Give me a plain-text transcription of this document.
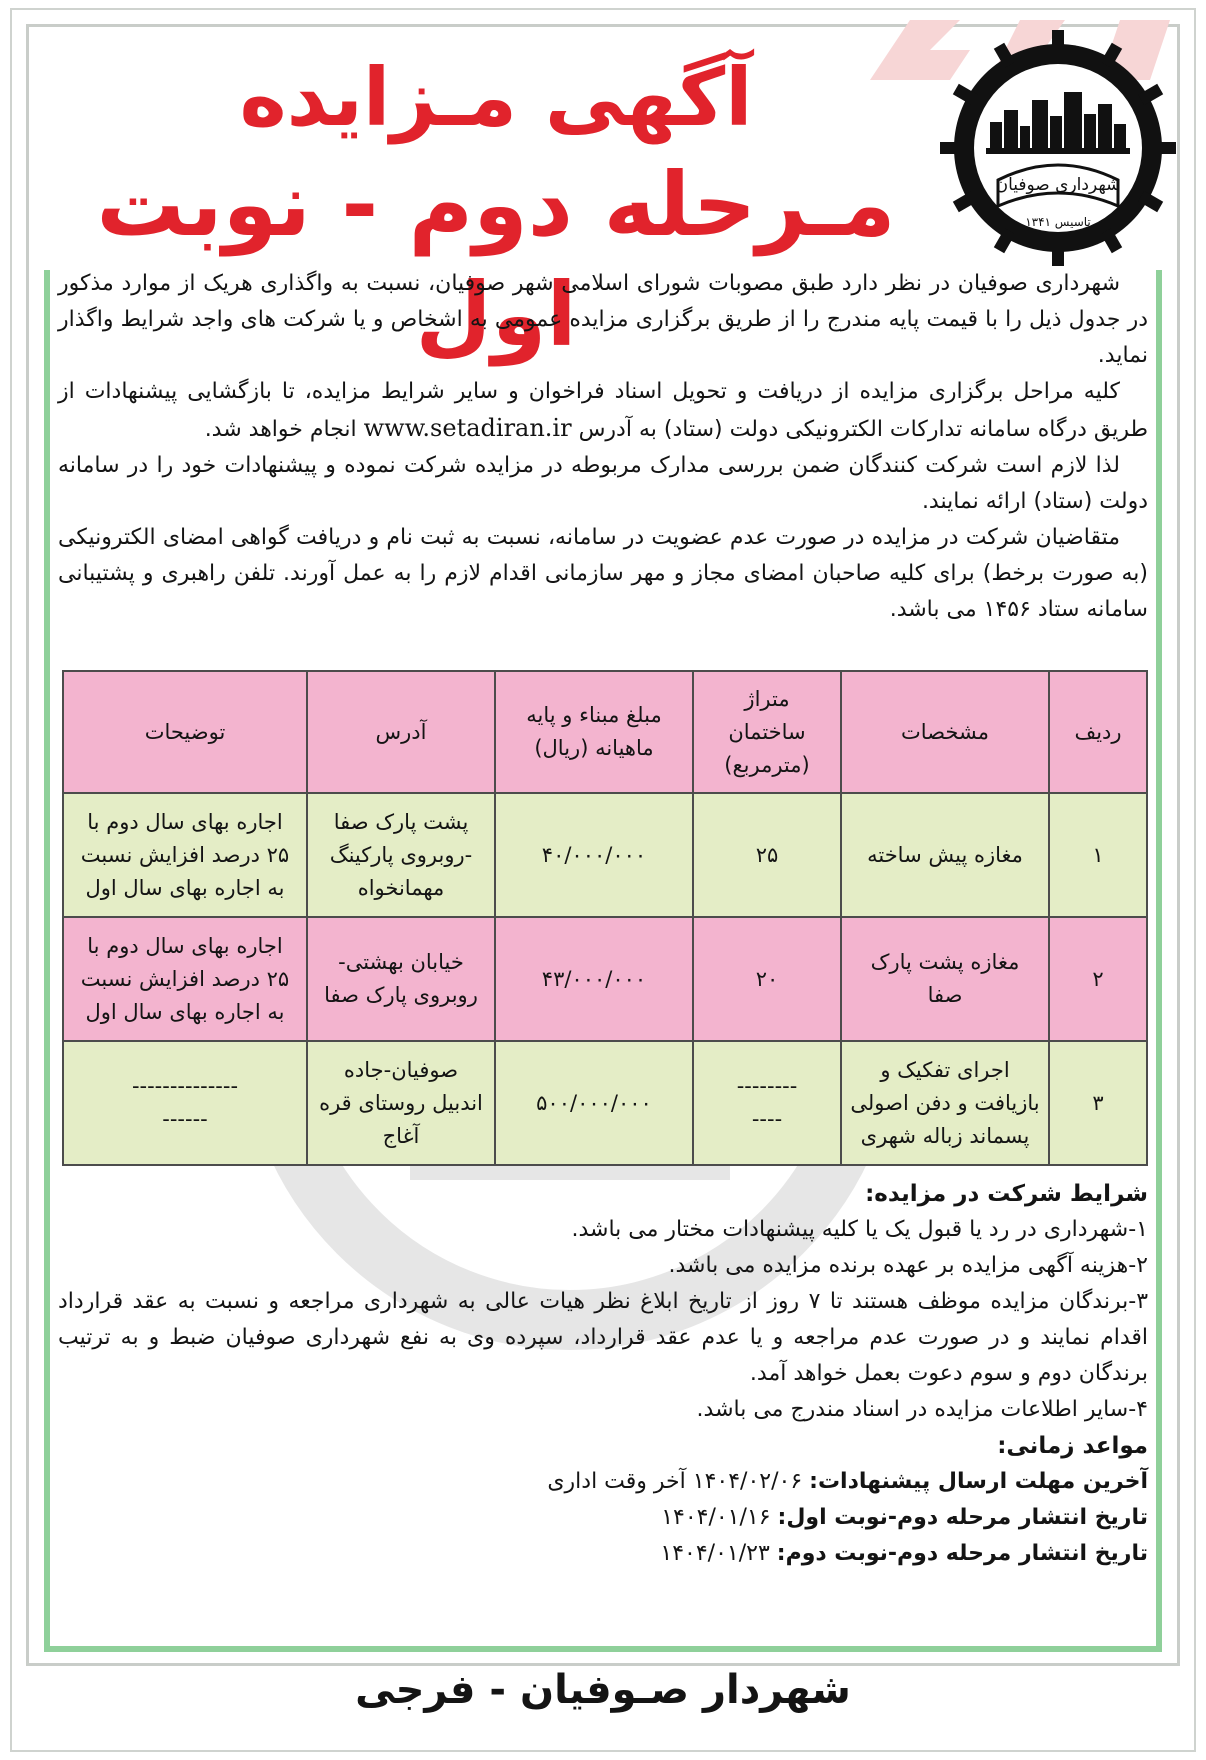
شهرداری صوفیان
تاسیس ۱۳۴۱
آگهی مـزایده
مـرحله دوم - نوبت اول

شهرداری صوفیان در نظر دارد طبق مصوبات شورای اسلامی شهر صوفیان، نسبت به واگذاری هریک از موارد مذکور در جدول ذیل را با قیمت پایه مندرج را از طریق برگزاری مزایده عمومی به اشخاص و یا شرکت های واجد شرایط واگذار نماید.

کلیه مراحل برگزاری مزایده از دریافت و تحویل اسناد فراخوان و سایر شرایط مزایده، تا بازگشایی پیشنهادات از طریق درگاه سامانه تدارکات الکترونیکی دولت (ستاد) به آدرس www.setadiran.ir انجام خواهد شد.

لذا لازم است شرکت کنندگان ضمن بررسی مدارک مربوطه در مزایده شرکت نموده و پیشنهادات خود را در سامانه دولت (ستاد) ارائه نمایند.

متقاضیان شرکت در مزایده در صورت عدم عضویت در سامانه، نسبت به ثبت نام و دریافت گواهی امضای الکترونیکی (به صورت برخط) برای کلیه صاحبان امضای مجاز و مهر سازمانی اقدام لازم را به عمل آورند. تلفن راهبری و پشتیبانی سامانه ستاد ۱۴۵۶ می باشد.

ردیف	مشخصات	متراژ
ساختمان
(مترمربع)	مبلغ مبناء و پایه
ماهیانه (ریال)	آدرس	توضیحات
۱	مغازه پیش ساخته	۲۵	۴۰/۰۰۰/۰۰۰	پشت پارک صفا
-روبروی پارکینگ
مهمانخواه	اجاره بهای سال دوم با
۲۵ درصد افزایش نسبت
به اجاره بهای سال اول
۲	مغازه پشت پارک صفا	۲۰	۴۳/۰۰۰/۰۰۰	خیابان بهشتی-
روبروی پارک صفا	اجاره بهای سال دوم با
۲۵ درصد افزایش نسبت
به اجاره بهای سال اول
۳	اجرای تفکیک و
بازیافت و دفن اصولی
پسماند زباله شهری	--------
----	۵۰۰/۰۰۰/۰۰۰	صوفیان-جاده
اندبیل روستای قره
آغاج	--------------
------

شرایط شرکت در مزایده:

۱-شهرداری در رد یا قبول یک یا کلیه پیشنهادات مختار می باشد.

۲-هزینه آگهی مزایده بر عهده برنده مزایده می باشد.

۳-برندگان مزایده موظف هستند تا ۷ روز از تاریخ ابلاغ نظر هیات عالی به شهرداری مراجعه و نسبت به عقد قرارداد اقدام نمایند و در صورت عدم مراجعه و یا عدم عقد قرارداد، سپرده وی به نفع شهرداری صوفیان ضبط و به ترتیب برندگان دوم و سوم دعوت بعمل خواهد آمد.

۴-سایر اطلاعات مزایده در اسناد مندرج می باشد.

مواعد زمانی:

آخرین مهلت ارسال پیشنهادات: ۱۴۰۴/۰۲/۰۶ آخر وقت اداری

تاریخ انتشار مرحله دوم-نوبت اول: ۱۴۰۴/۰۱/۱۶

تاریخ انتشار مرحله دوم-نوبت دوم: ۱۴۰۴/۰۱/۲۳

شهردار صـوفیان - فرجی
